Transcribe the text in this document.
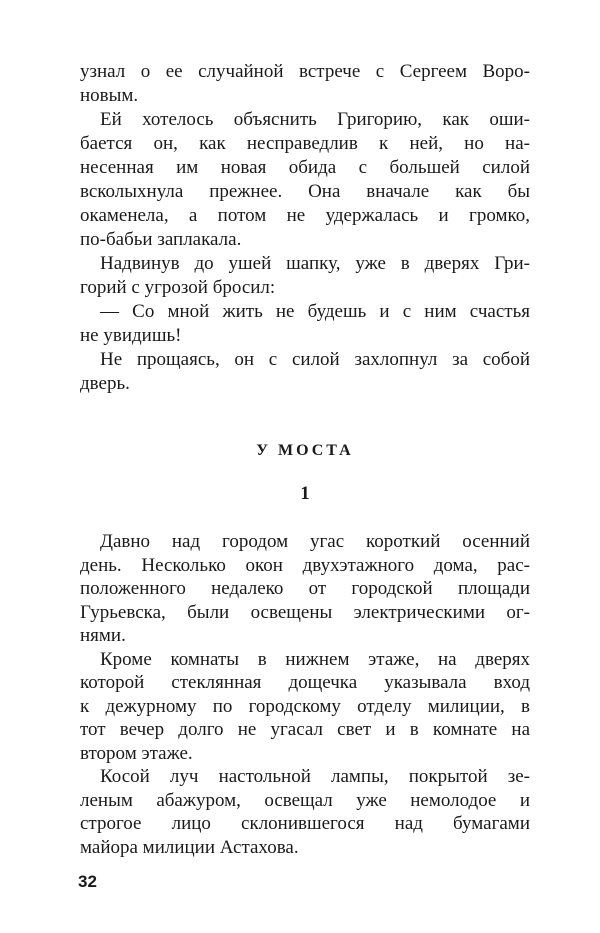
узнал о ее случайной встрече с Сергеем Воро-
новым.
Ей хотелось объяснить Григорию, как оши-
бается он, как несправедлив к ней, но на-
несенная им новая обида с большей силой
всколыхнула прежнее. Она вначале как бы
окаменела, а потом не удержалась и громко,
по-бабьи заплакала.
Надвинув до ушей шапку, уже в дверях Гри-
горий с угрозой бросил:
— Со мной жить не будешь и с ним счастья
не увидишь!
Не прощаясь, он с силой захлопнул за собой
дверь.
У МОСТА
1
Давно над городом угас короткий осенний
день. Несколько окон двухэтажного дома, рас-
положенного недалеко от городской площади
Гурьевска, были освещены электрическими ог-
нями.
Кроме комнаты в нижнем этаже, на дверях
которой стеклянная дощечка указывала вход
к дежурному по городскому отделу милиции, в
тот вечер долго не угасал свет и в комнате на
втором этаже.
Косой луч настольной лампы, покрытой зе-
леным абажуром, освещал уже немолодое и
строгое лицо склонившегося над бумагами
майора милиции Астахова.
32
